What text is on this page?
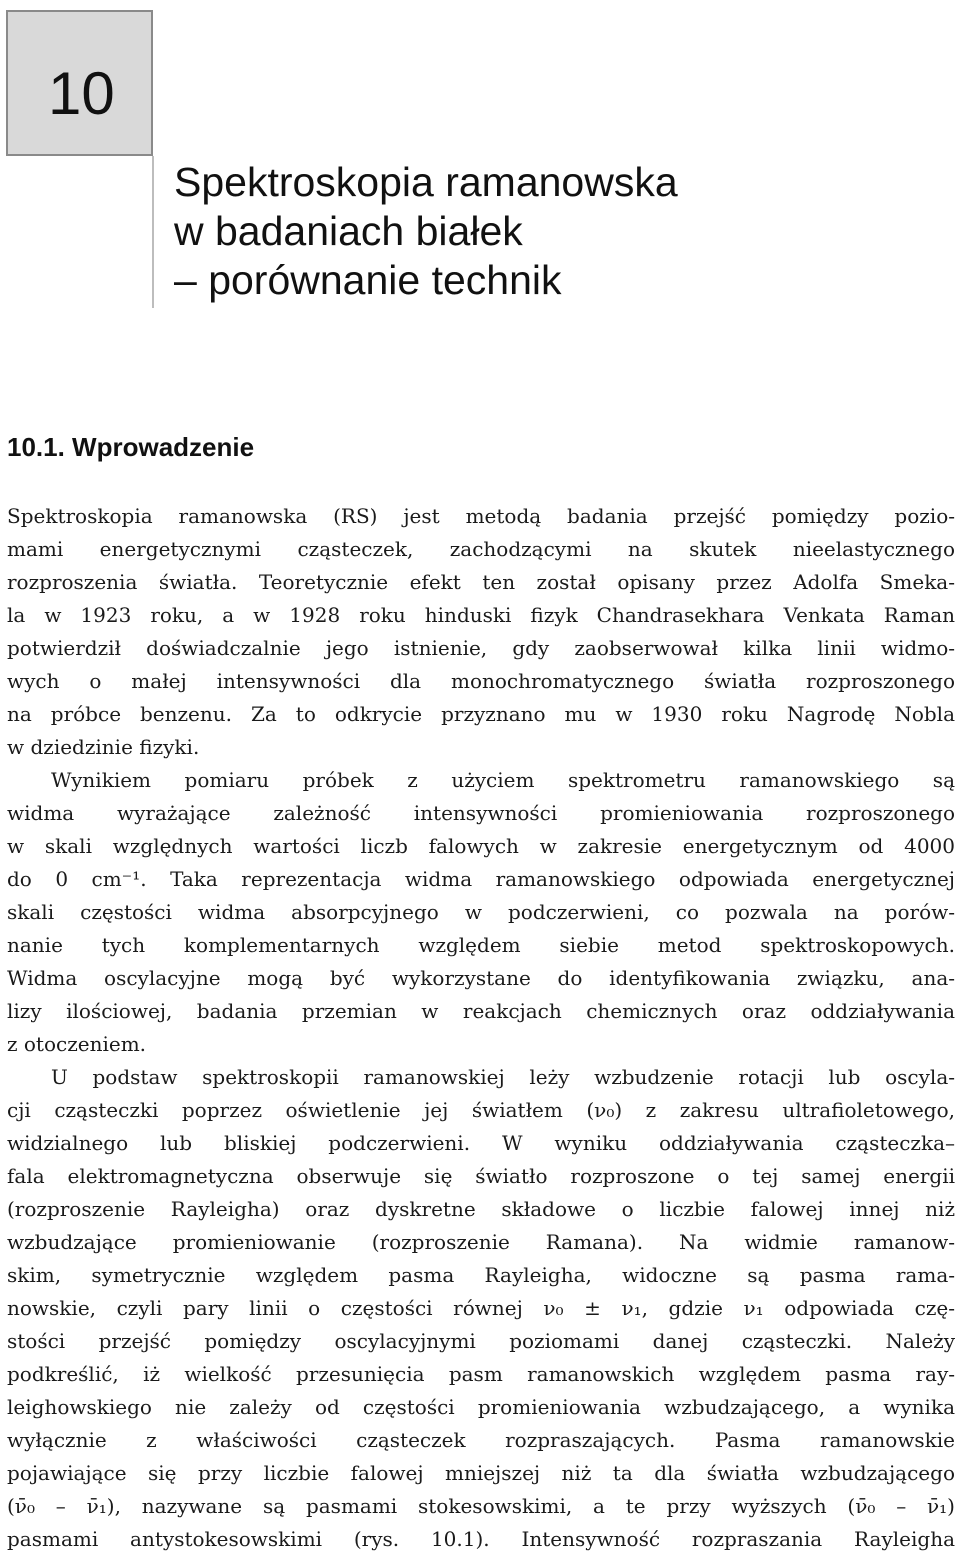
10
Spektroskopia ramanowska
w badaniach białek
– porównanie technik
10.1. Wprowadzenie
Spektroskopia ramanowska (RS) jest metodą badania przejść pomiędzy pozio-
mami energetycznymi cząsteczek, zachodzącymi na skutek nieelastycznego
rozproszenia światła. Teoretycznie efekt ten został opisany przez Adolfa Smeka-
la w 1923 roku, a w 1928 roku hinduski fizyk Chandrasekhara Venkata Raman
potwierdził doświadczalnie jego istnienie, gdy zaobserwował kilka linii widmo-
wych o małej intensywności dla monochromatycznego światła rozproszonego
na próbce benzenu. Za to odkrycie przyznano mu w 1930 roku Nagrodę Nobla
w dziedzinie fizyki.
Wynikiem pomiaru próbek z użyciem spektrometru ramanowskiego są
widma wyrażające zależność intensywności promieniowania rozproszonego
w skali względnych wartości liczb falowych w zakresie energetycznym od 4000
do 0 cm⁻¹. Taka reprezentacja widma ramanowskiego odpowiada energetycznej
skali częstości widma absorpcyjnego w podczerwieni, co pozwala na porów-
nanie tych komplementarnych względem siebie metod spektroskopowych.
Widma oscylacyjne mogą być wykorzystane do identyfikowania związku, ana-
lizy ilościowej, badania przemian w reakcjach chemicznych oraz oddziaływania
z otoczeniem.
U podstaw spektroskopii ramanowskiej leży wzbudzenie rotacji lub oscyla-
cji cząsteczki poprzez oświetlenie jej światłem (ν₀) z zakresu ultrafioletowego,
widzialnego lub bliskiej podczerwieni. W wyniku oddziaływania cząsteczka–
fala elektromagnetyczna obserwuje się światło rozproszone o tej samej energii
(rozproszenie Rayleigha) oraz dyskretne składowe o liczbie falowej innej niż
wzbudzające promieniowanie (rozproszenie Ramana). Na widmie ramanow-
skim, symetrycznie względem pasma Rayleigha, widoczne są pasma rama-
nowskie, czyli pary linii o częstości równej ν₀ ± ν₁, gdzie ν₁ odpowiada czę-
stości przejść pomiędzy oscylacyjnymi poziomami danej cząsteczki. Należy
podkreślić, iż wielkość przesunięcia pasm ramanowskich względem pasma ray-
leighowskiego nie zależy od częstości promieniowania wzbudzającego, a wynika
wyłącznie z właściwości cząsteczek rozpraszających. Pasma ramanowskie
pojawiające się przy liczbie falowej mniejszej niż ta dla światła wzbudzającego
(ν̄₀ – ν̄₁), nazywane są pasmami stokesowskimi, a te przy wyższych (ν̄₀ – ν̄₁)
pasmami antystokesowskimi (rys. 10.1). Intensywność rozpraszania Rayleigha
